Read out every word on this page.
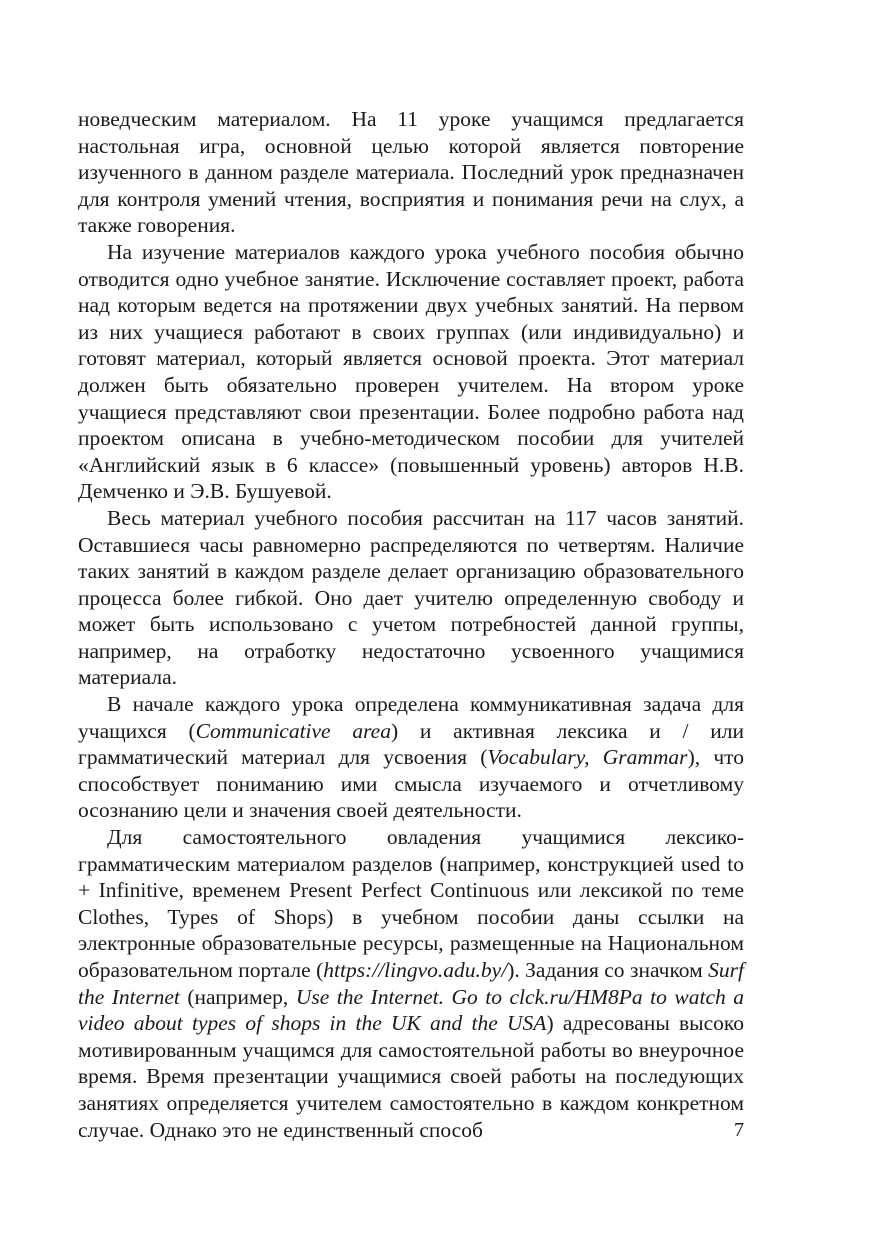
новедческим материалом. На 11 уроке учащимся предлагается настольная игра, основной целью которой является повторение изученного в данном разделе материала. Последний урок предназначен для контроля умений чтения, восприятия и понимания речи на слух, а также говорения.

На изучение материалов каждого урока учебного пособия обычно отводится одно учебное занятие. Исключение составляет проект, работа над которым ведется на протяжении двух учебных занятий. На первом из них учащиеся работают в своих группах (или индивидуально) и готовят материал, который является основой проекта. Этот материал должен быть обязательно проверен учителем. На втором уроке учащиеся представляют свои презентации. Более подробно работа над проектом описана в учебно-методическом пособии для учителей «Английский язык в 6 классе» (повышенный уровень) авторов Н.В. Демченко и Э.В. Бушуевой.

Весь материал учебного пособия рассчитан на 117 часов занятий. Оставшиеся часы равномерно распределяются по четвертям. Наличие таких занятий в каждом разделе делает организацию образовательного процесса более гибкой. Оно дает учителю определенную свободу и может быть использовано с учетом потребностей данной группы, например, на отработку недостаточно усвоенного учащимися материала.

В начале каждого урока определена коммуникативная задача для учащихся (Communicative area) и активная лексика и / или грамматический материал для усвоения (Vocabulary, Grammar), что способствует пониманию ими смысла изучаемого и отчетливому осознанию цели и значения своей деятельности.

Для самостоятельного овладения учащимися лексико-грамматическим материалом разделов (например, конструкцией used to + Infinitive, временем Present Perfect Continuous или лексикой по теме Clothes, Types of Shops) в учебном пособии даны ссылки на электронные образовательные ресурсы, размещенные на Национальном образовательном портале (https://lingvo.adu.by/). Задания со значком Surf the Internet (например, Use the Internet. Go to clck.ru/HM8Pa to watch a video about types of shops in the UK and the USA) адресованы высоко мотивированным учащимся для самостоятельной работы во внеурочное время. Время презентации учащимися своей работы на последующих занятиях определяется учителем самостоятельно в каждом конкретном случае. Однако это не единственный способ	7
